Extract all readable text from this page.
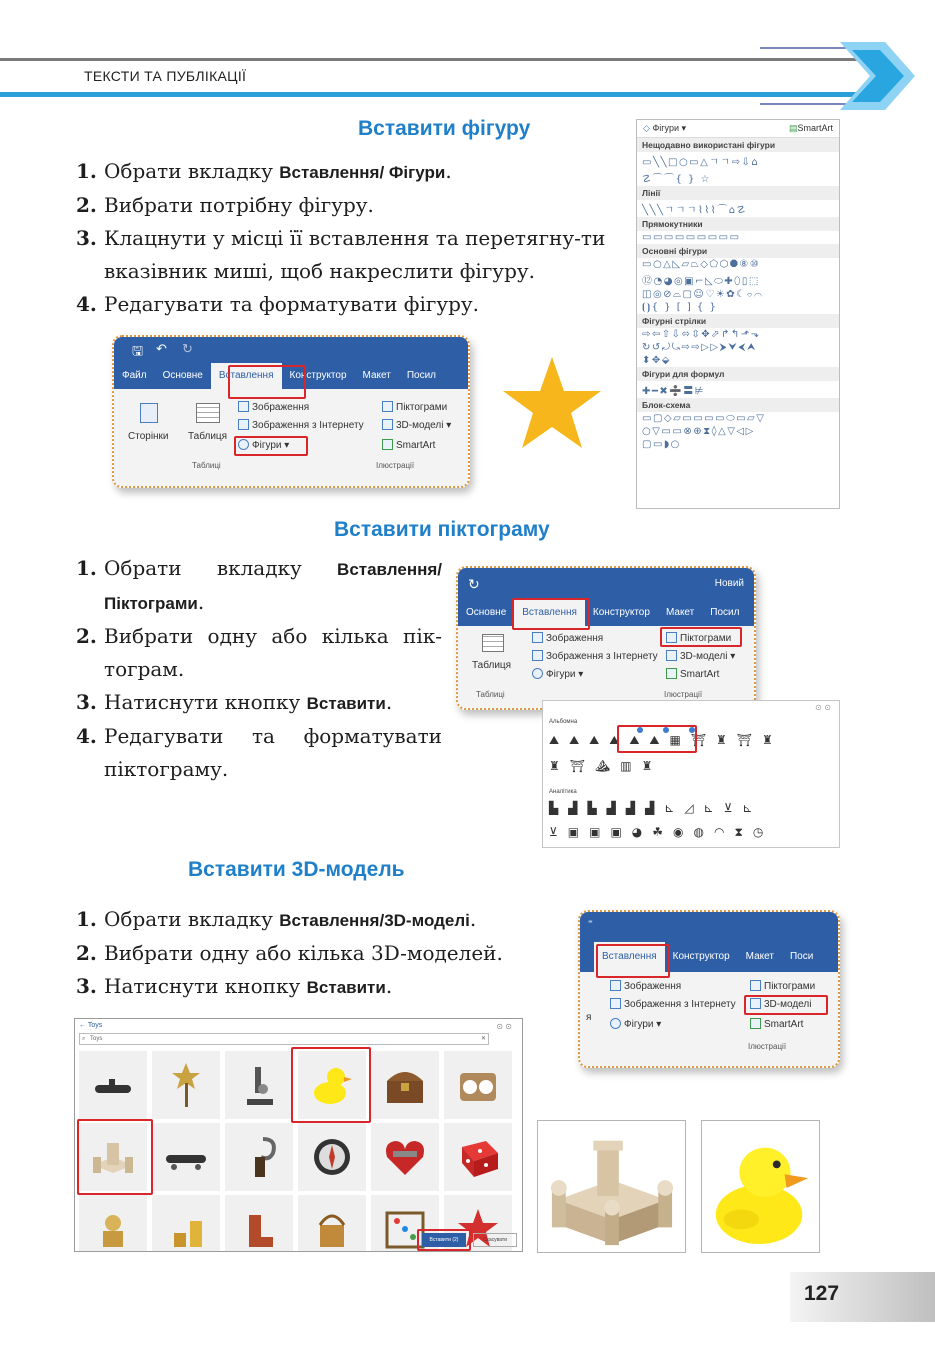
ТЕКСТИ ТА ПУБЛІКАЦІЇ
Вставити фігуру
1. Обрати вкладку Вставлення/ Фігури.
2. Вибрати потрібну фігуру.
3. Клацнути у місці її вставлення та перетягну-ти вказівник миші, щоб накреслити фігуру.
4. Редагувати та форматувати фігуру.
🖫 ↶ ↻
Файл	Основне	Вставлення	Конструктор	Макет	Посил
Сторінки Таблиця
Таблиці
Зображення
Зображення з Інтернету
Фігури ▾
Піктограми
3D-моделі ▾
SmartArt
Ілюстрації
◇ Фігури ▾	▤SmartArt
Нещодавно використані фігури
▭╲╲□○▭△ㄱㄱ⇨⇩⌂
☡⌒⌒{ } ☆
Лінії
╲╲╲ㄱㄱㄱ⌇⌇⌇⌒⌂☡
Прямокутники
▭▭▭▭▭▭▭▭▭
Основні фігури
▭○△◺▱⏢◇⬠⬡⯃⑧⑩
⑫◔◕◎▣⌐◺⬭✚⬯▯⬚
◫◎⊘⌓▢☺♡☀✿☾⌔⌒
⦗⦘{ } [ ] { }
Фігурні стрілки
⇨⇦⇧⇩⬄⇳✥⬀↱↰⬏⬎
↻↺⤾⤿⇨⇨▷▷⮞⮟⮜⮝
⬍✥⬙
Фігури для формул
✚━✖➗〓⊭
Блок-схема
▭▢◇▱▭▭▭▭⬭▭▱▽
○▽▭▭⊗⊕⧗◊△▽◁▷
▢▭◗○
Вставити піктограму
1. Обрати вкладку Вставлення/ Піктограми.
2. Вибрати одну або кілька пік-тограм.
3. Натиснути кнопку Вставити.
4. Редагувати та форматувати піктограму.
↻	Новий
Основне	Вставлення	Конструктор	Макет	Посил
Таблиця
Таблиці
Зображення
Зображення з Інтернету
Фігури ▾
Піктограми
3D-моделі ▾
SmartArt
Ілюстрації
⊙ ⊙
Альбомна
⛰⛰⛰⛰⛰⛰▦⛩♜⛩♜
♜⛩⛰▥♜
Аналітика
▙▟▙▟▟▟⊾◿⊾⊻⊾
⊻▣▣▣◕☘◉◍◠⧗◷
Вставити 3D-модель
1. Обрати вкладку Вставлення/3D-моделі.
2. Вибрати одну або кілька 3D-моделей.
3. Натиснути кнопку Вставити.
⁼
Вставлення	Конструктор	Макет	Поси
я
Зображення
Зображення з Інтернету
Фігури ▾
Піктограми
3D-моделі
SmartArt
Ілюстрації
← Toys	⊙ ⊙
⌕ Toys	✕
Вставити (2)	Скасувати
127
